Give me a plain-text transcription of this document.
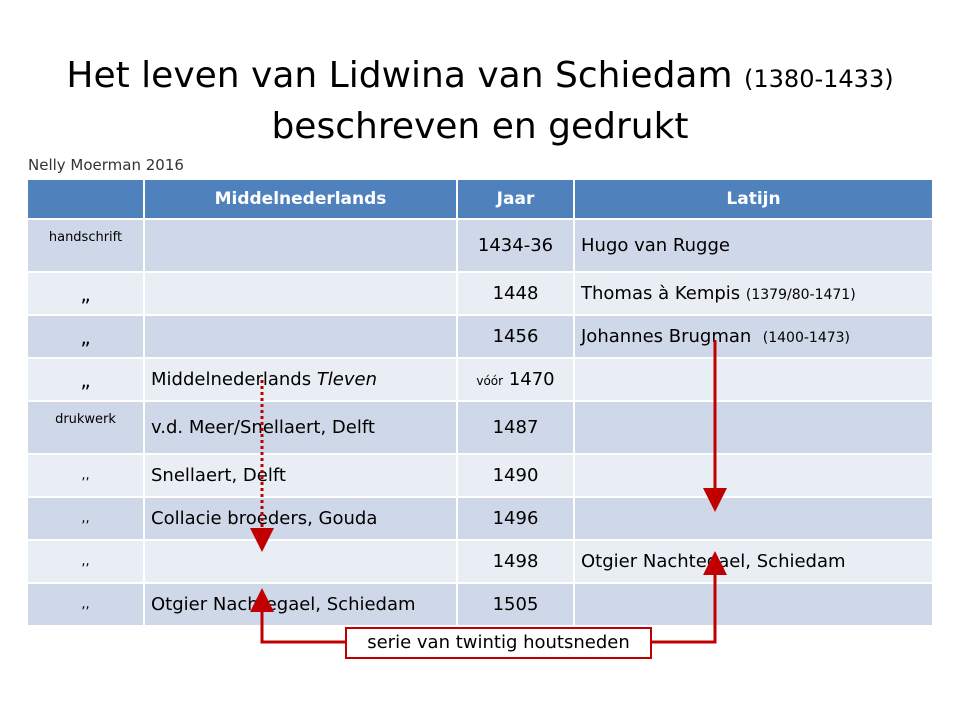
Het leven van Lidwina van Schiedam (1380-1433)
beschreven en gedrukt
Nelly Moerman 2016
	Middelnederlands	Jaar	Latijn
handschrift		1434-36	Hugo van Rugge
„		1448	Thomas à Kempis (1379/80-1471)
„		1456	Johannes Brugman (1400-1473)
„	Middelnederlands Tleven	vóór 1470	
drukwerk	v.d. Meer/Snellaert, Delft	1487	
,,	Snellaert, Delft	1490	
,,	Collacie broeders, Gouda	1496	
,,		1498	Otgier Nachtegael, Schiedam
,,	Otgier Nachtegael, Schiedam	1505	
serie van twintig houtsneden
